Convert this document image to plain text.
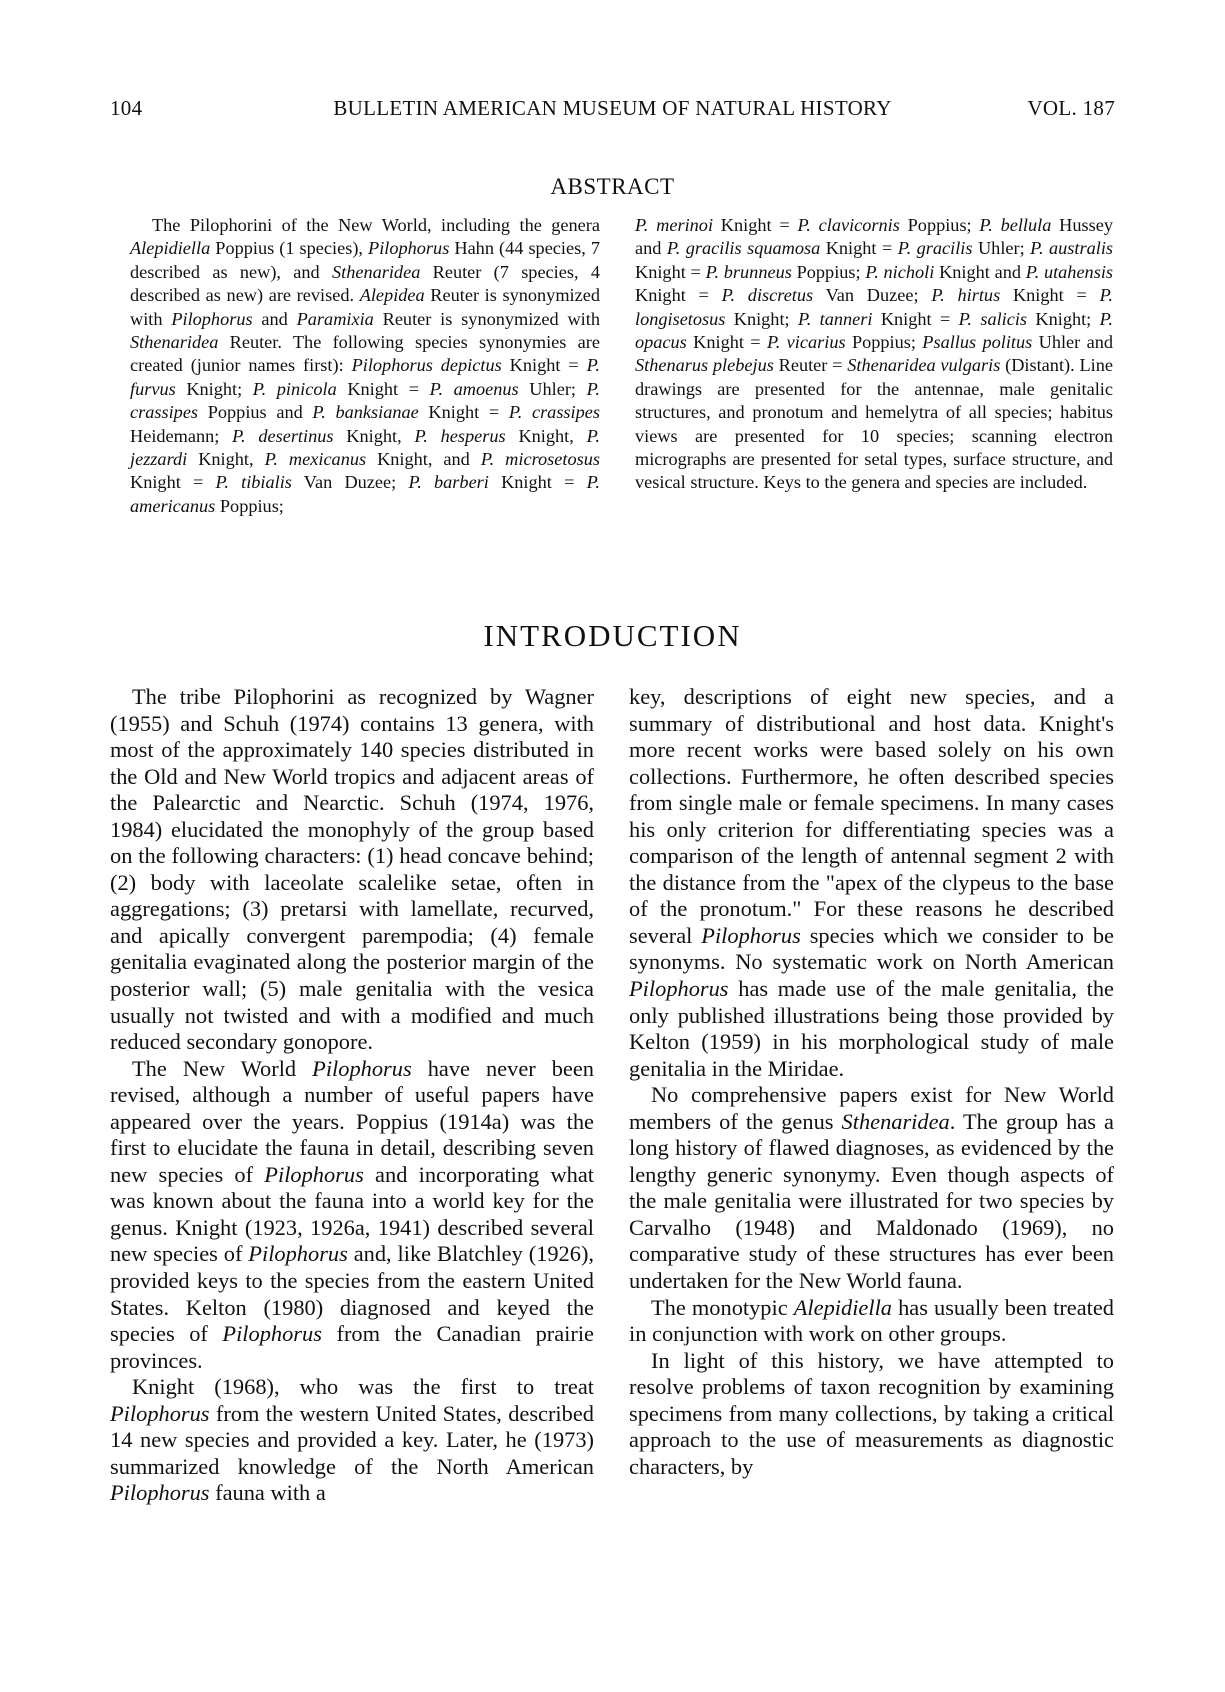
104	BULLETIN AMERICAN MUSEUM OF NATURAL HISTORY	VOL. 187
ABSTRACT

The Pilophorini of the New World, including the genera Alepidiella Poppius (1 species), Pilophorus Hahn (44 species, 7 described as new), and Sthenaridea Reuter (7 species, 4 described as new) are revised. Alepidea Reuter is synonymized with Pilophorus and Paramixia Reuter is synonymized with Sthenaridea Reuter. The following species synonymies are created (junior names first): Pilophorus depictus Knight = P. furvus Knight; P. pinicola Knight = P. amoenus Uhler; P. crassipes Poppius and P. banksianae Knight = P. crassipes Heidemann; P. desertinus Knight, P. hesperus Knight, P. jezzardi Knight, P. mexicanus Knight, and P. microsetosus Knight = P. tibialis Van Duzee; P. barberi Knight = P. americanus Poppius;

P. merinoi Knight = P. clavicornis Poppius; P. bellula Hussey and P. gracilis squamosa Knight = P. gracilis Uhler; P. australis Knight = P. brunneus Poppius; P. nicholi Knight and P. utahensis Knight = P. discretus Van Duzee; P. hirtus Knight = P. longisetosus Knight; P. tanneri Knight = P. salicis Knight; P. opacus Knight = P. vicarius Poppius; Psallus politus Uhler and Sthenarus plebejus Reuter = Sthenaridea vulgaris (Distant). Line drawings are presented for the antennae, male genitalic structures, and pronotum and hemelytra of all species; habitus views are presented for 10 species; scanning electron micrographs are presented for setal types, surface structure, and vesical structure. Keys to the genera and species are included.

INTRODUCTION

The tribe Pilophorini as recognized by Wagner (1955) and Schuh (1974) contains 13 genera, with most of the approximately 140 species distributed in the Old and New World tropics and adjacent areas of the Palearctic and Nearctic. Schuh (1974, 1976, 1984) elucidated the monophyly of the group based on the following characters: (1) head concave behind; (2) body with laceolate scalelike setae, often in aggregations; (3) pretarsi with lamellate, recurved, and apically convergent parempodia; (4) female genitalia evaginated along the posterior margin of the posterior wall; (5) male genitalia with the vesica usually not twisted and with a modified and much reduced secondary gonopore.

The New World Pilophorus have never been revised, although a number of useful papers have appeared over the years. Poppius (1914a) was the first to elucidate the fauna in detail, describing seven new species of Pilophorus and incorporating what was known about the fauna into a world key for the genus. Knight (1923, 1926a, 1941) described several new species of Pilophorus and, like Blatchley (1926), provided keys to the species from the eastern United States. Kelton (1980) diagnosed and keyed the species of Pilophorus from the Canadian prairie provinces.

Knight (1968), who was the first to treat Pilophorus from the western United States, described 14 new species and provided a key. Later, he (1973) summarized knowledge of the North American Pilophorus fauna with a

key, descriptions of eight new species, and a summary of distributional and host data. Knight's more recent works were based solely on his own collections. Furthermore, he often described species from single male or female specimens. In many cases his only criterion for differentiating species was a comparison of the length of antennal segment 2 with the distance from the "apex of the clypeus to the base of the pronotum." For these reasons he described several Pilophorus species which we consider to be synonyms. No systematic work on North American Pilophorus has made use of the male genitalia, the only published illustrations being those provided by Kelton (1959) in his morphological study of male genitalia in the Miridae.

No comprehensive papers exist for New World members of the genus Sthenaridea. The group has a long history of flawed diagnoses, as evidenced by the lengthy generic synonymy. Even though aspects of the male genitalia were illustrated for two species by Carvalho (1948) and Maldonado (1969), no comparative study of these structures has ever been undertaken for the New World fauna.

The monotypic Alepidiella has usually been treated in conjunction with work on other groups.

In light of this history, we have attempted to resolve problems of taxon recognition by examining specimens from many collections, by taking a critical approach to the use of measurements as diagnostic characters, by
